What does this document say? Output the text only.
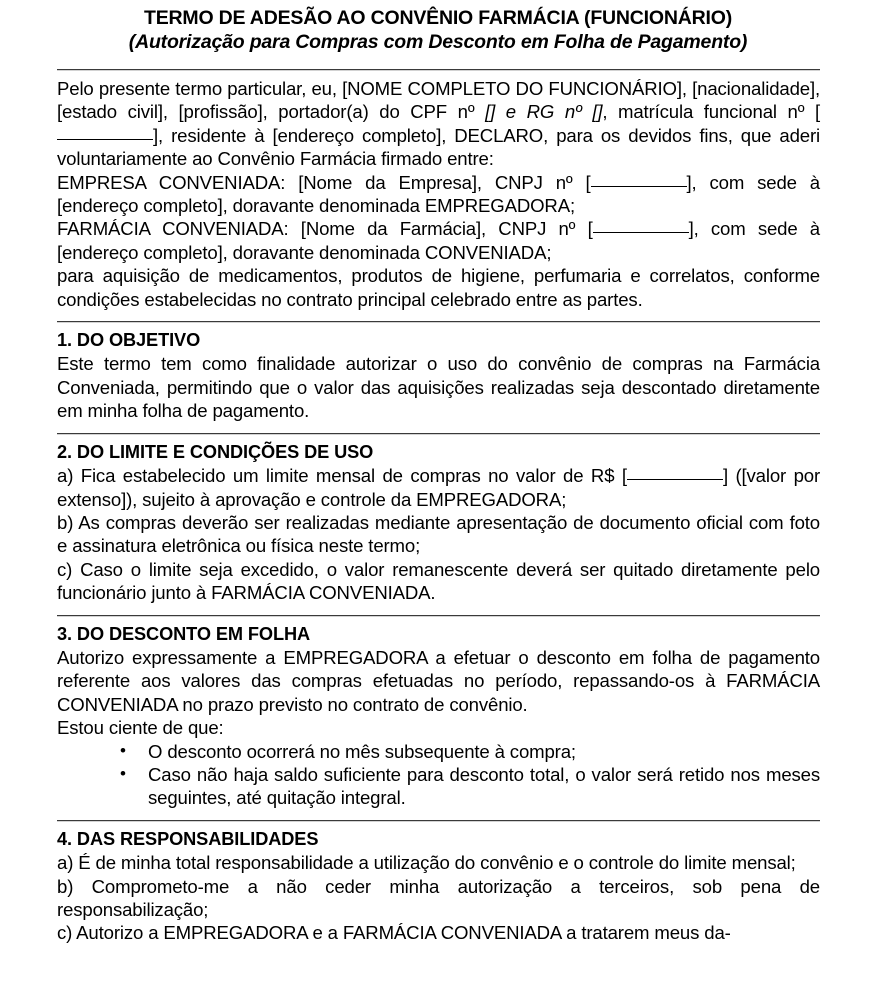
TERMO DE ADESÃO AO CONVÊNIO FARMÁCIA (FUNCIONÁRIO)
(Autorização para Compras com Desconto em Folha de Pagamento)

Pelo presente termo particular, eu, [NOME COMPLETO DO FUNCIONÁRIO], [nacionalidade], [estado civil], [profissão], portador(a) do CPF nº [] e RG nº [], matrícula funcional nº [], residente à [endereço completo], DECLARO, para os devidos fins, que aderi voluntariamente ao Convênio Farmácia firmado entre:

EMPRESA CONVENIADA: [Nome da Empresa], CNPJ nº [	], com sede à [endereço completo], doravante denominada EMPREGADORA;

FARMÁCIA CONVENIADA: [Nome da Farmácia], CNPJ nº [	], com sede à [endereço completo], doravante denominada CONVENIADA;

para aquisição de medicamentos, produtos de higiene, perfumaria e correlatos, conforme condições estabelecidas no contrato principal celebrado entre as partes.

1. DO OBJETIVO

Este termo tem como finalidade autorizar o uso do convênio de compras na Farmácia Conveniada, permitindo que o valor das aquisições realizadas seja descontado diretamente em minha folha de pagamento.

2. DO LIMITE E CONDIÇÕES DE USO

a) Fica estabelecido um limite mensal de compras no valor de R$ [	] ([valor por extenso]), sujeito à aprovação e controle da EMPREGADORA;

b) As compras deverão ser realizadas mediante apresentação de documento oficial com foto e assinatura eletrônica ou física neste termo;

c) Caso o limite seja excedido, o valor remanescente deverá ser quitado diretamente pelo funcionário junto à FARMÁCIA CONVENIADA.

3. DO DESCONTO EM FOLHA

Autorizo expressamente a EMPREGADORA a efetuar o desconto em folha de pagamento referente aos valores das compras efetuadas no período, repassando-os à FARMÁCIA CONVENIADA no prazo previsto no contrato de convênio.

Estou ciente de que:

• O desconto ocorrerá no mês subsequente à compra;
• Caso não haja saldo suficiente para desconto total, o valor será retido nos meses seguintes, até quitação integral.

4. DAS RESPONSABILIDADES

a) É de minha total responsabilidade a utilização do convênio e o controle do limite mensal;

b) Comprometo-me a não ceder minha autorização a terceiros, sob pena de responsabilização;

c) Autorizo a EMPREGADORA e a FARMÁCIA CONVENIADA a tratarem meus da-
